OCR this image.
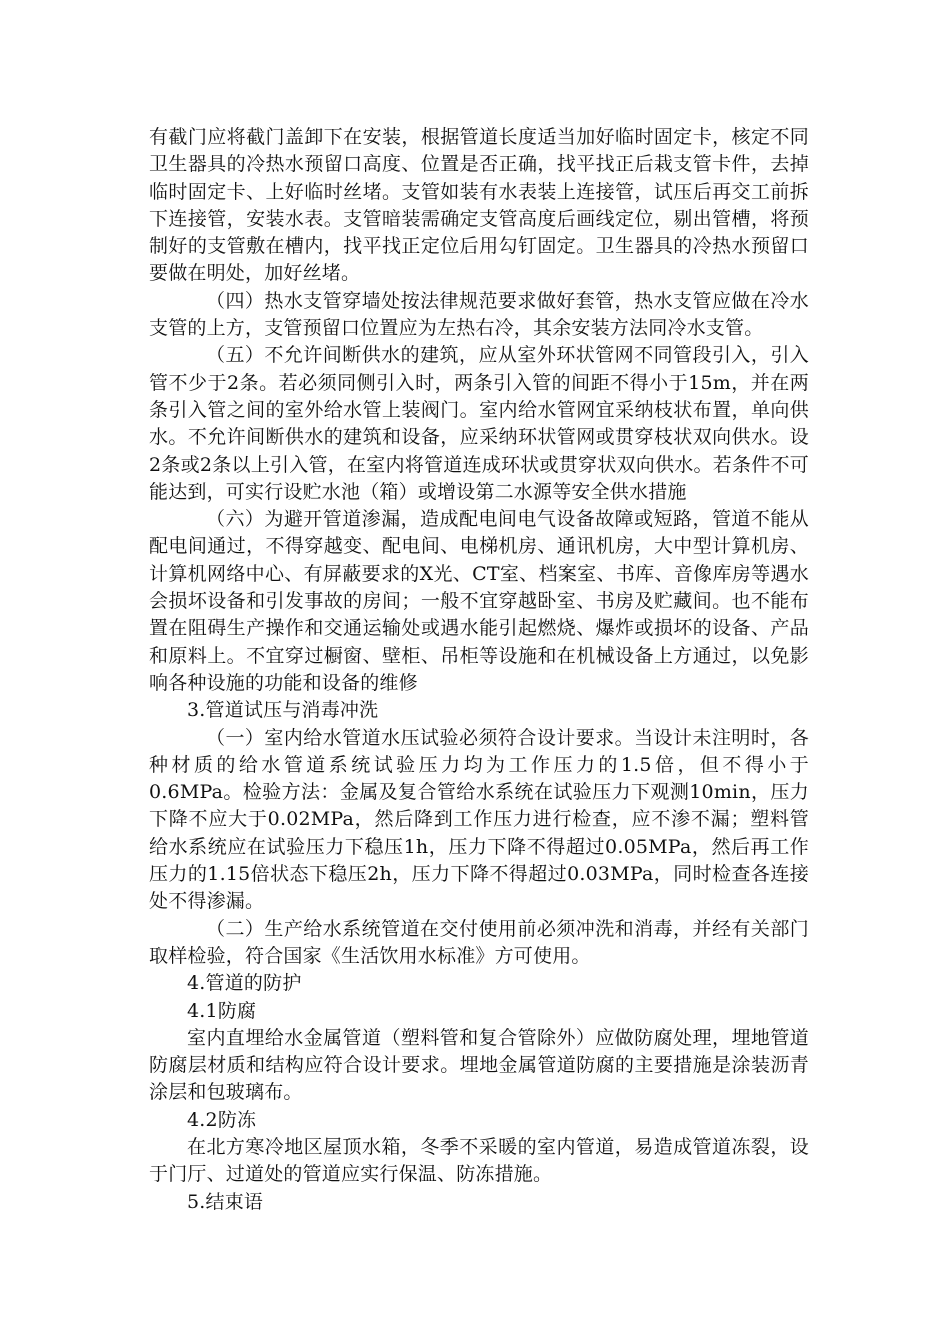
有截门应将截门盖卸下在安装，根据管道长度适当加好临时固定卡，核定不同卫生器具的冷热水预留口高度、位置是否正确，找平找正后栽支管卡件，去掉临时固定卡、上好临时丝堵。支管如装有水表装上连接管，试压后再交工前拆下连接管，安装水表。支管暗装需确定支管高度后画线定位，剔出管槽，将预制好的支管敷在槽内，找平找正定位后用勾钉固定。卫生器具的冷热水预留口要做在明处，加好丝堵。

（四）热水支管穿墙处按法律规范要求做好套管，热水支管应做在冷水支管的上方，支管预留口位置应为左热右冷，其余安装方法同冷水支管。

（五）不允许间断供水的建筑，应从室外环状管网不同管段引入，引入管不少于2条。若必须同侧引入时，两条引入管的间距不得小于15m，并在两条引入管之间的室外给水管上装阀门。室内给水管网宜采纳枝状布置，单向供水。不允许间断供水的建筑和设备，应采纳环状管网或贯穿枝状双向供水。设2条或2条以上引入管，在室内将管道连成环状或贯穿状双向供水。若条件不可能达到，可实行设贮水池（箱）或增设第二水源等安全供水措施

（六）为避开管道渗漏，造成配电间电气设备故障或短路，管道不能从配电间通过，不得穿越变、配电间、电梯机房、通讯机房，大中型计算机房、计算机网络中心、有屏蔽要求的X光、CT室、档案室、书库、音像库房等遇水会损坏设备和引发事故的房间；一般不宜穿越卧室、书房及贮藏间。也不能布置在阻碍生产操作和交通运输处或遇水能引起燃烧、爆炸或损坏的设备、产品和原料上。不宜穿过橱窗、壁柜、吊柜等设施和在机械设备上方通过，以免影响各种设施的功能和设备的维修

3.管道试压与消毒冲洗

（一）室内给水管道水压试验必须符合设计要求。当设计未注明时，各种材质的给水管道系统试验压力均为工作压力的1.5倍，但不得小于0.6MPa。检验方法：金属及复合管给水系统在试验压力下观测10min，压力下降不应大于0.02MPa，然后降到工作压力进行检查，应不渗不漏；塑料管给水系统应在试验压力下稳压1h，压力下降不得超过0.05MPa，然后再工作压力的1.15倍状态下稳压2h，压力下降不得超过0.03MPa，同时检查各连接处不得渗漏。

（二）生产给水系统管道在交付使用前必须冲洗和消毒，并经有关部门取样检验，符合国家《生活饮用水标准》方可使用。

4.管道的防护

4.1防腐

室内直埋给水金属管道（塑料管和复合管除外）应做防腐处理，埋地管道防腐层材质和结构应符合设计要求。埋地金属管道防腐的主要措施是涂装沥青涂层和包玻璃布。

4.2防冻

在北方寒冷地区屋顶水箱，冬季不采暖的室内管道，易造成管道冻裂，设于门厅、过道处的管道应实行保温、防冻措施。

5.结束语
